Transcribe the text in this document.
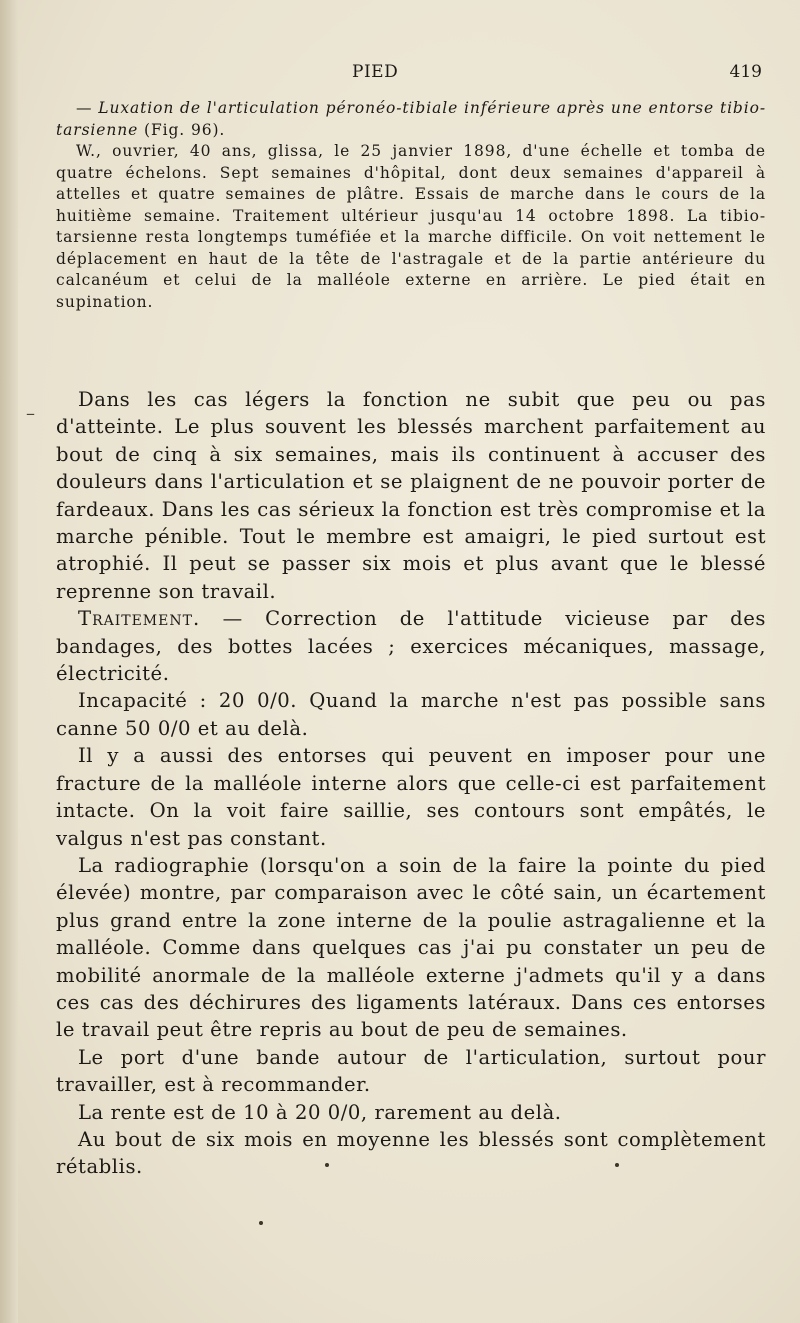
PIED	419

— Luxation de l'articulation péronéo-tibiale inférieure après une entorse tibio-tarsienne (Fig. 96).

W., ouvrier, 40 ans, glissa, le 25 janvier 1898, d'une échelle et tomba de quatre échelons. Sept semaines d'hôpital, dont deux semaines d'appareil à attelles et quatre semaines de plâtre. Essais de marche dans le cours de la huitième semaine. Traitement ultérieur jusqu'au 14 octobre 1898. La tibio-tarsienne resta longtemps tuméfiée et la marche difficile. On voit nettement le déplacement en haut de la tête de l'astragale et de la partie antérieure du calcanéum et celui de la malléole externe en arrière. Le pied était en supination.

–

Dans les cas légers la fonction ne subit que peu ou pas d'atteinte. Le plus souvent les blessés marchent parfaitement au bout de cinq à six semaines, mais ils continuent à accuser des douleurs dans l'articulation et se plaignent de ne pouvoir porter de fardeaux. Dans les cas sérieux la fonction est très compromise et la marche pénible. Tout le membre est amaigri, le pied surtout est atrophié. Il peut se passer six mois et plus avant que le blessé reprenne son travail.

Traitement. — Correction de l'attitude vicieuse par des bandages, des bottes lacées ; exercices mécaniques, massage, électricité.

Incapacité : 20 0/0. Quand la marche n'est pas possible sans canne 50 0/0 et au delà.

Il y a aussi des entorses qui peuvent en imposer pour une fracture de la malléole interne alors que celle-ci est parfaitement intacte. On la voit faire saillie, ses contours sont empâtés, le valgus n'est pas constant.

La radiographie (lorsqu'on a soin de la faire la pointe du pied élevée) montre, par comparaison avec le côté sain, un écartement plus grand entre la zone interne de la poulie astragalienne et la malléole. Comme dans quelques cas j'ai pu constater un peu de mobilité anormale de la malléole externe j'admets qu'il y a dans ces cas des déchirures des ligaments latéraux. Dans ces entorses le travail peut être repris au bout de peu de semaines.

Le port d'une bande autour de l'articulation, surtout pour travailler, est à recommander.

La rente est de 10 à 20 0/0, rarement au delà.

Au bout de six mois en moyenne les blessés sont complètement rétablis.
